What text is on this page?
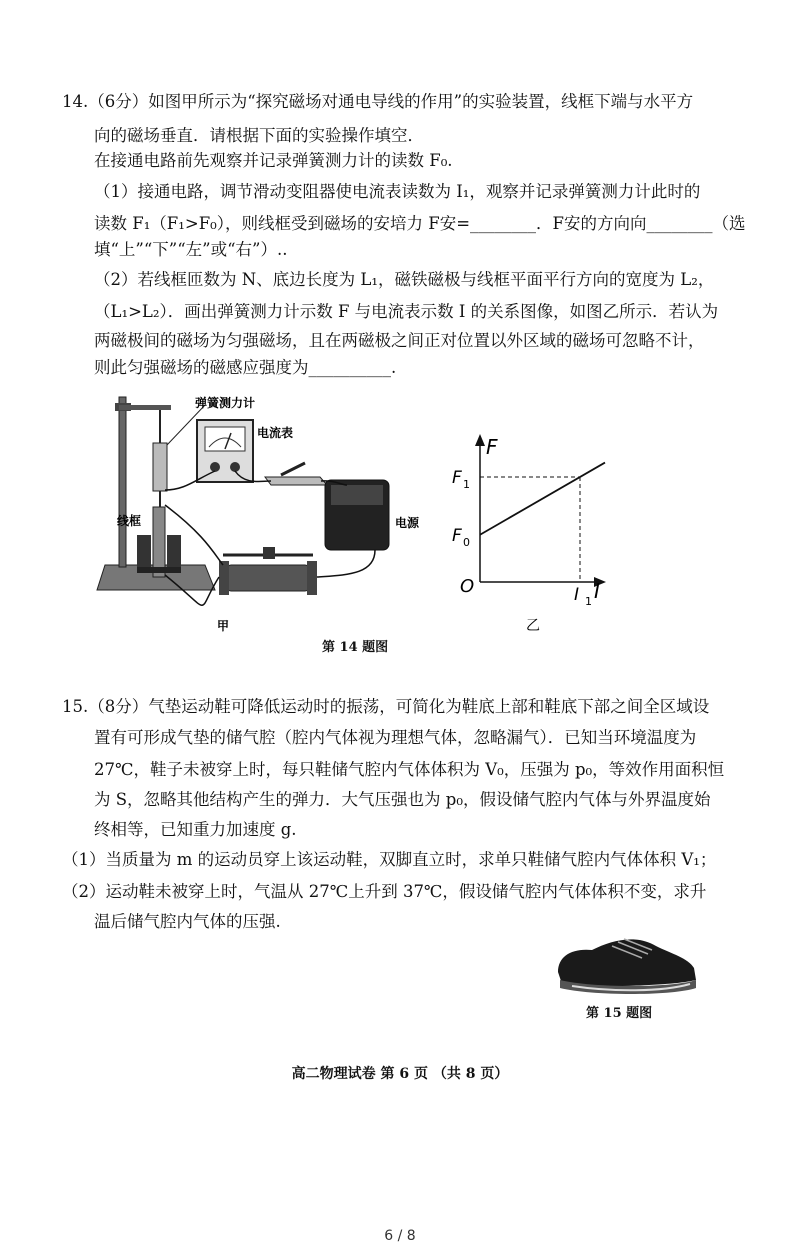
14.（6分）如图甲所示为“探究磁场对通电导线的作用”的实验装置，线框下端与水平方
向的磁场垂直．请根据下面的实验操作填空．
在接通电路前先观察并记录弹簧测力计的读数 F₀.
（1）接通电路，调节滑动变阻器使电流表读数为 I₁，观察并记录弹簧测力计此时的
读数 F₁（F₁>F₀），则线框受到磁场的安培力 F安=________．F安的方向向________（选
填“上”“下”“左”或“右”）..
（2）若线框匝数为 N、底边长度为 L₁，磁铁磁极与线框平面平行方向的宽度为 L₂，
（L₁>L₂）．画出弹簧测力计示数 F 与电流表示数 I 的关系图像，如图乙所示．若认为
两磁极间的磁场为匀强磁场，且在两磁极之间正对位置以外区域的磁场可忽略不计，
则此匀强磁场的磁感应强度为__________.
弹簧测力计
线框
电流表
电源
甲
F
I
O
F 1
F 0
I 1
乙
第 14 题图
15.（8分）气垫运动鞋可降低运动时的振荡，可简化为鞋底上部和鞋底下部之间全区域设
置有可形成气垫的储气腔（腔内气体视为理想气体，忽略漏气）．已知当环境温度为
27℃，鞋子未被穿上时，每只鞋储气腔内气体体积为 V₀，压强为 p₀，等效作用面积恒
为 S，忽略其他结构产生的弹力．大气压强也为 p₀，假设储气腔内气体与外界温度始
终相等，已知重力加速度 g.
（1）当质量为 m 的运动员穿上该运动鞋，双脚直立时，求单只鞋储气腔内气体体积 V₁；
（2）运动鞋未被穿上时，气温从 27℃上升到 37℃，假设储气腔内气体体积不变，求升
温后储气腔内气体的压强.
第 15 题图
高二物理试卷 第 6 页 （共 8 页）
6 / 8
